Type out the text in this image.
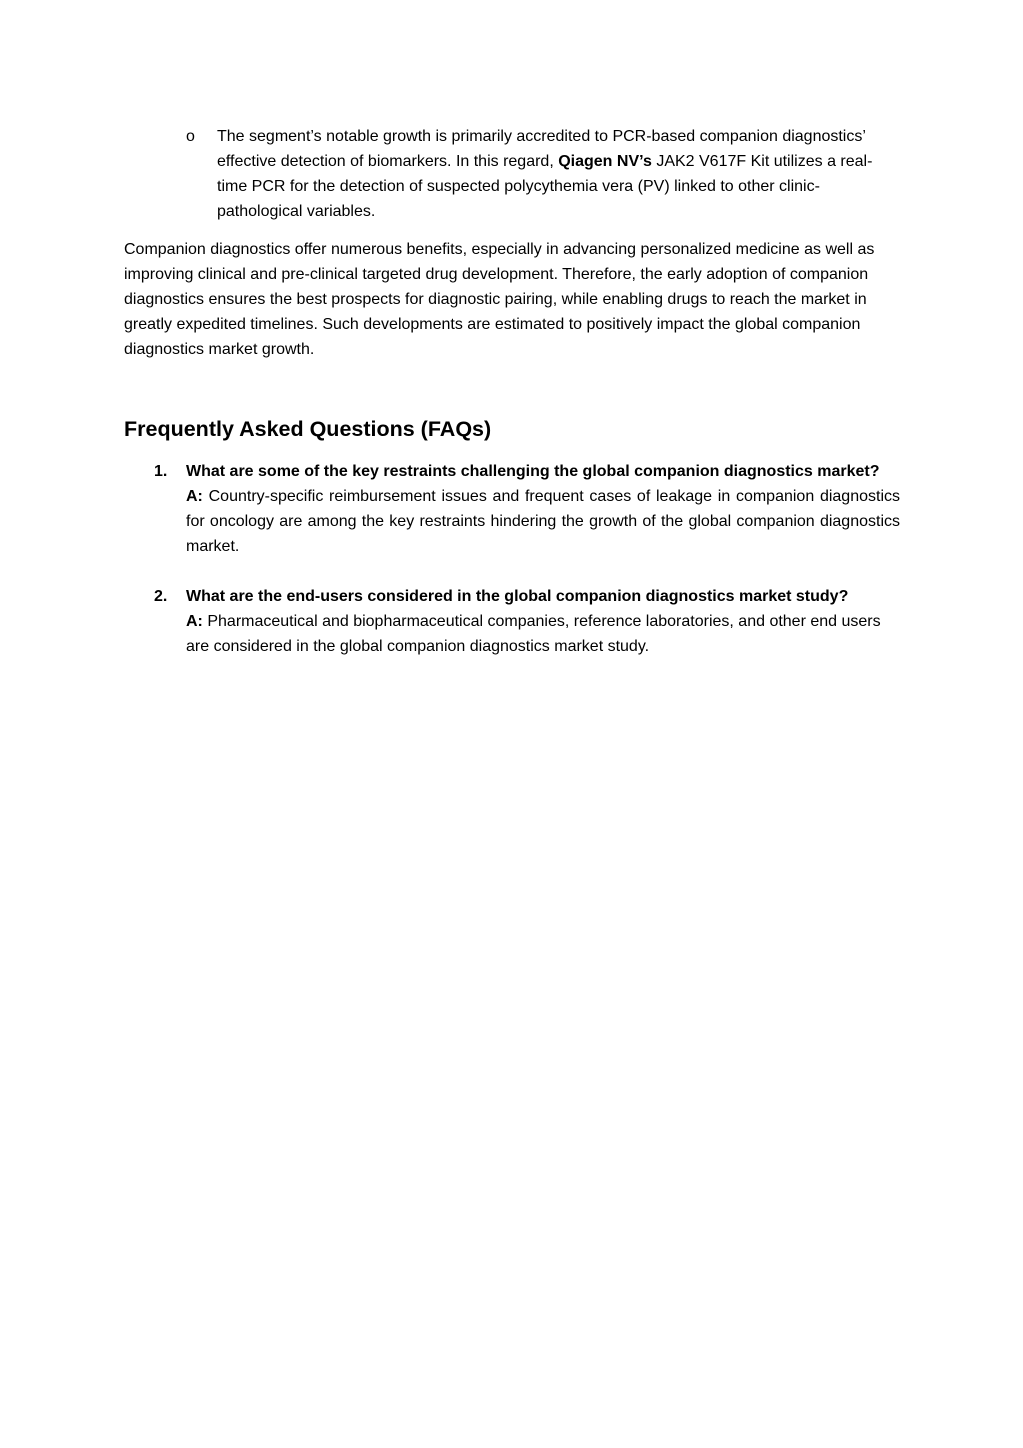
o	The segment’s notable growth is primarily accredited to PCR-based companion diagnostics’ effective detection of biomarkers. In this regard, Qiagen NV’s JAK2 V617F Kit utilizes a real-time PCR for the detection of suspected polycythemia vera (PV) linked to other clinic-pathological variables.

Companion diagnostics offer numerous benefits, especially in advancing personalized medicine as well as improving clinical and pre-clinical targeted drug development. Therefore, the early adoption of companion diagnostics ensures the best prospects for diagnostic pairing, while enabling drugs to reach the market in greatly expedited timelines. Such developments are estimated to positively impact the global companion diagnostics market growth.

Frequently Asked Questions (FAQs)
1.	What are some of the key restraints challenging the global companion diagnostics market?
A: Country-specific reimbursement issues and frequent cases of leakage in companion diagnostics for oncology are among the key restraints hindering the growth of the global companion diagnostics market.
2.	What are the end-users considered in the global companion diagnostics market study?
A: Pharmaceutical and biopharmaceutical companies, reference laboratories, and other end users are considered in the global companion diagnostics market study.
